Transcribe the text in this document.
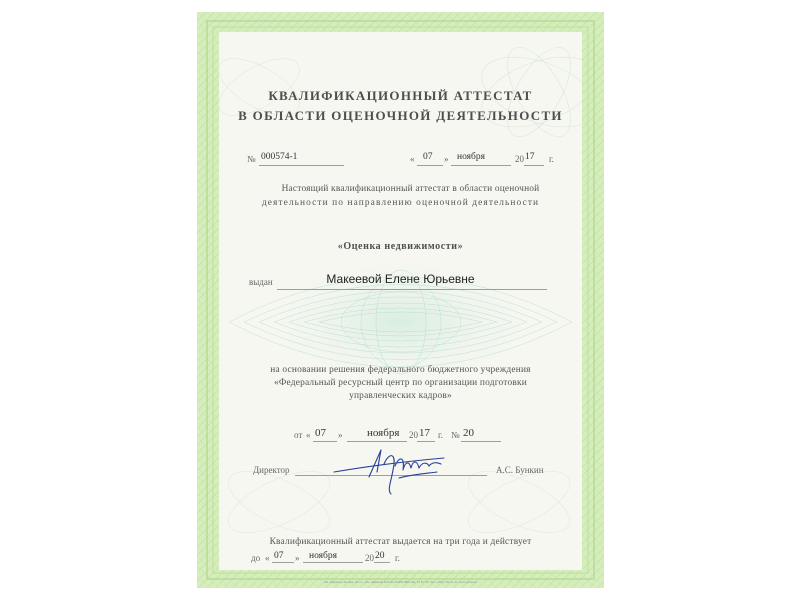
КВАЛИФИКАЦИОННЫЙ АТТЕСТАТ
В ОБЛАСТИ ОЦЕНОЧНОЙ ДЕЯТЕЛЬНОСТИ
№ 000574-1	« 07 » ноября	20 17 г.
Настоящий квалификационный аттестат в области оценочной
деятельности по направлению оценочной деятельности
«Оценка недвижимости»
выдан	Макеевой Елене Юрьевне
на основании решения федерального бюджетного учреждения
«Федеральный ресурсный центр по организации подготовки
управленческих кадров»
от « 07 » ноября 20 17 г. № 20
Директор	А.С. Бункин
Квалификационный аттестат выдается на три года и действует
до « 07 » ноября	20 20 г.
АО «Опцион», Москва, 2017 г., «Б». Лицензия №05-05-09/003 ФНС РФ, ТЗ № 761. Тел.: (495) 726-47-42, www.opcion.ru
